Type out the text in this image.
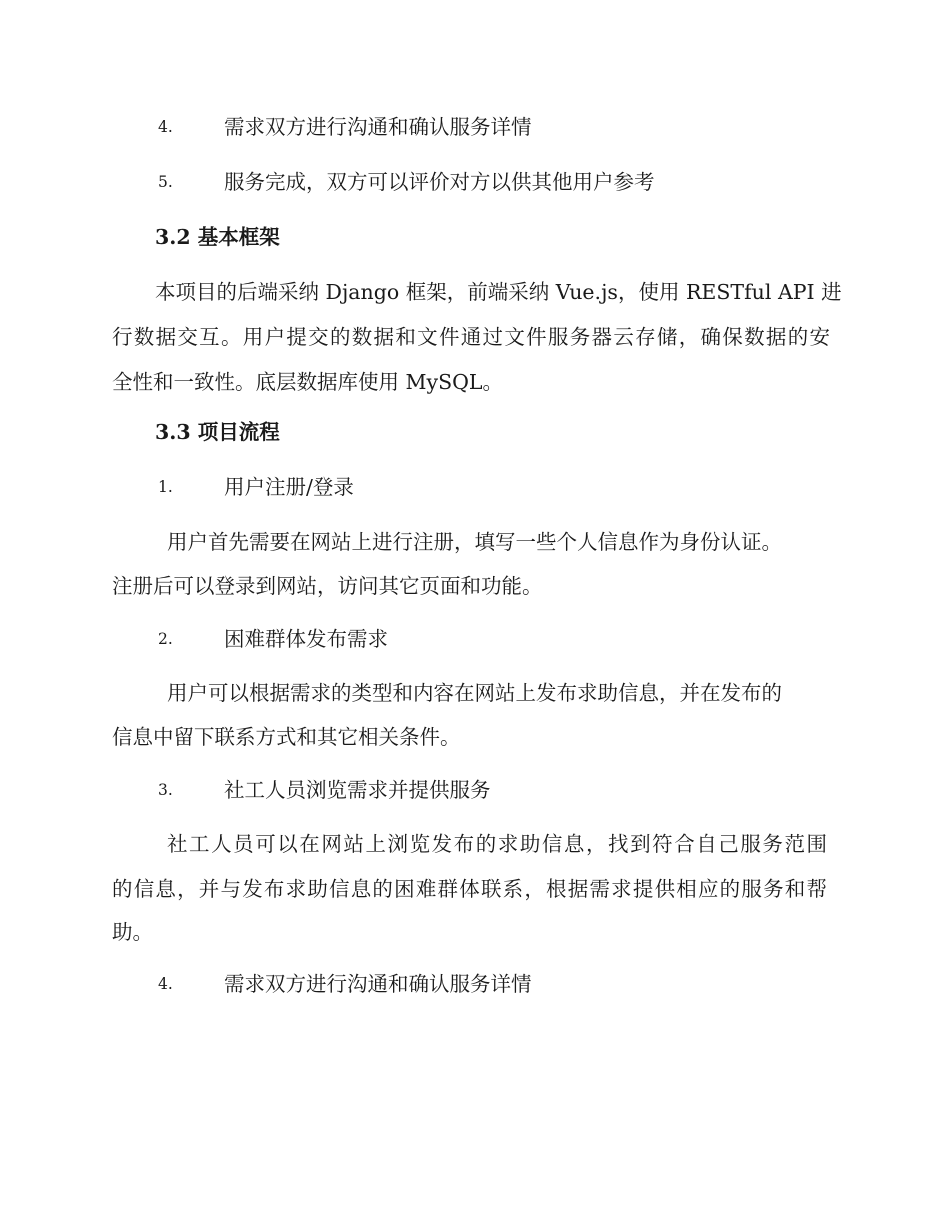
4. 需求双方进行沟通和确认服务详情
5. 服务完成，双方可以评价对方以供其他用户参考
3.2 基本框架
本项目的后端采纳 Django 框架，前端采纳 Vue.js，使用 RESTful API 进
行数据交互。用户提交的数据和文件通过文件服务器云存储，确保数据的安
全性和一致性。底层数据库使用 MySQL。
3.3 项目流程
1. 用户注册/登录
用户首先需要在网站上进行注册，填写一些个人信息作为身份认证。
注册后可以登录到网站，访问其它页面和功能。
2. 困难群体发布需求
用户可以根据需求的类型和内容在网站上发布求助信息，并在发布的
信息中留下联系方式和其它相关条件。
3. 社工人员浏览需求并提供服务
社工人员可以在网站上浏览发布的求助信息，找到符合自己服务范围
的信息，并与发布求助信息的困难群体联系，根据需求提供相应的服务和帮
助。
4. 需求双方进行沟通和确认服务详情
